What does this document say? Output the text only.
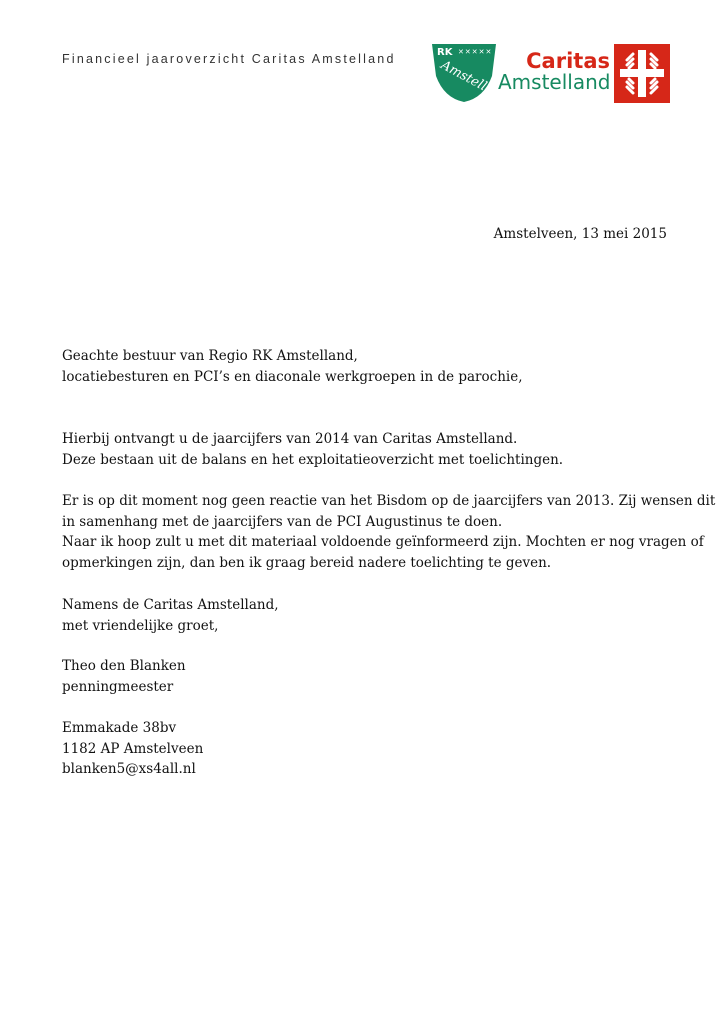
Financieel jaaroverzicht Caritas Amstelland	RK ✕✕✕✕✕
Amstelland Caritas
Amstelland
Amstelveen, 13 mei 2015
Geachte bestuur van Regio RK Amstelland,
locatiebesturen en PCI’s en diaconale werkgroepen in de parochie,
Hierbij ontvangt u de jaarcijfers van 2014 van Caritas Amstelland.
Deze bestaan uit de balans en het exploitatieoverzicht met toelichtingen.
Er is op dit moment nog geen reactie van het Bisdom op de jaarcijfers van 2013. Zij wensen dit
in samenhang met de jaarcijfers van de PCI Augustinus te doen.
Naar ik hoop zult u met dit materiaal voldoende geïnformeerd zijn. Mochten er nog vragen of
opmerkingen zijn, dan ben ik graag bereid nadere toelichting te geven.
Namens de Caritas Amstelland,
met vriendelijke groet,
Theo den Blanken
penningmeester
Emmakade 38bv
1182 AP Amstelveen
blanken5@xs4all.nl
